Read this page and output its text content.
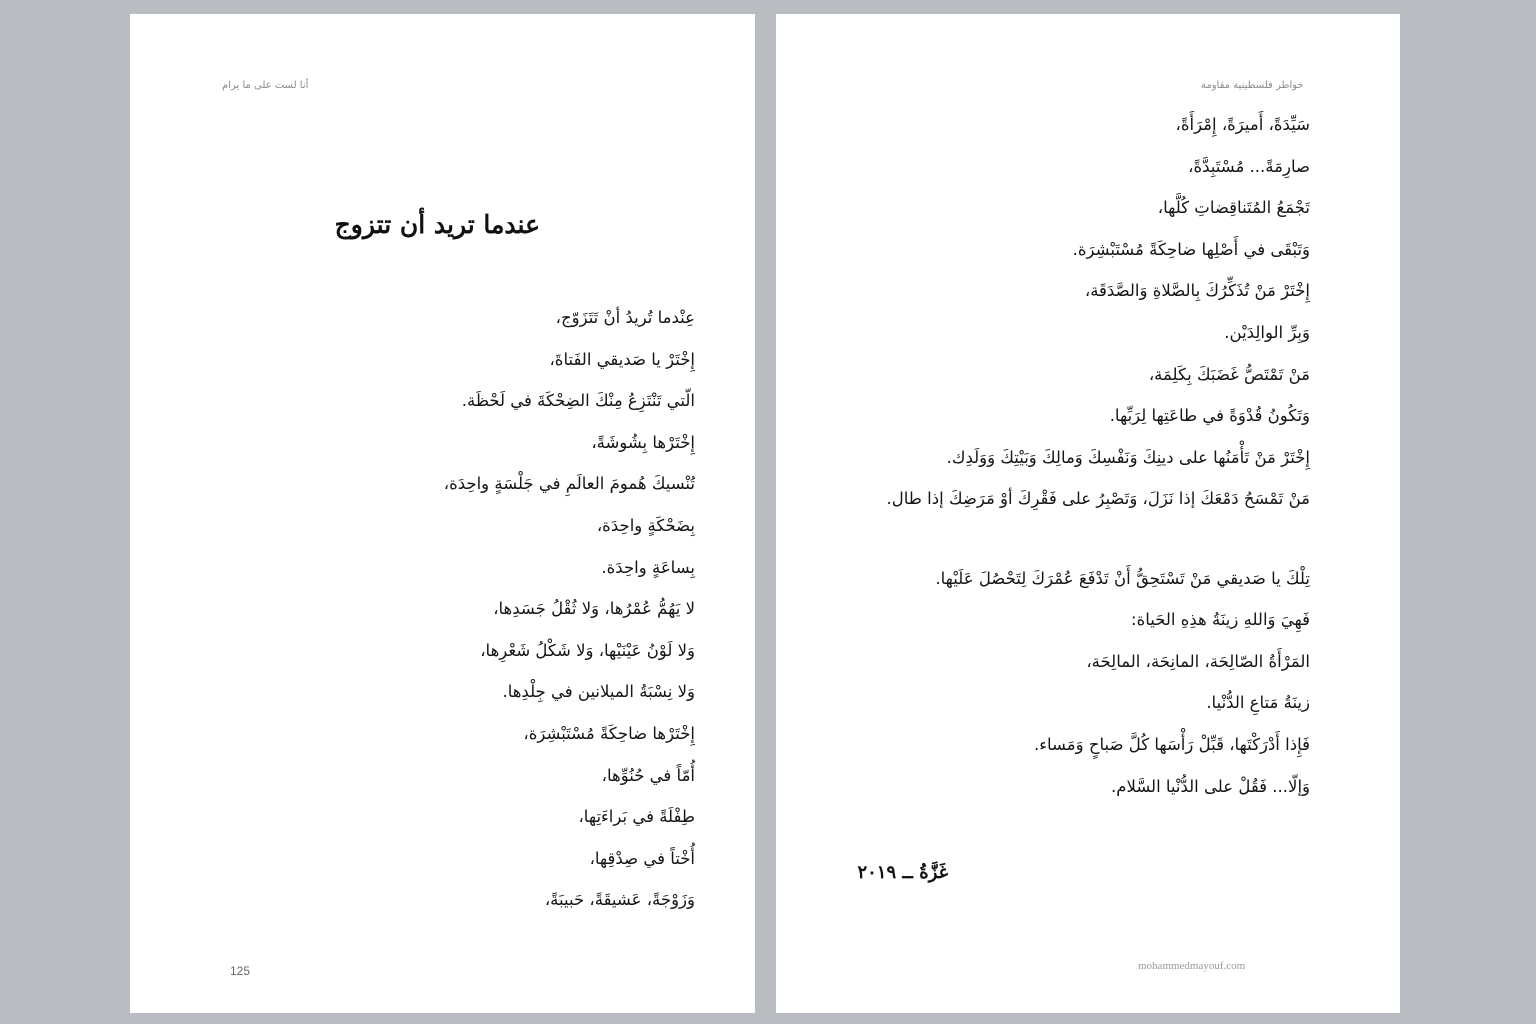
أنا لست على ما يرام
عندما تريد أن تتزوج
عِنْدما تُريدُ أنْ تَتَزَوّج،
إِخْتَرْ يا صَديقي الفَتاةَ،
الّتي تَنْتَزِعُ مِنْكَ الضِحْكَةَ في لَحْظَة.
إِخْتَرْها بِشُوشَةً،
تُنْسيكَ هُمومَ العالَمِ في جَلْسَةٍ واحِدَة،
بِضَحْكَةٍ واحِدَة،
بِساعَةٍ واحِدَة.
لا يَهُمُّ عُمْرُها، وَلا ثُقْلُ جَسَدِها،
وَلا لَوْنُ عَيْنَيْها، وَلا شَكْلُ شَعْرِها،
وَلا نِسْبَةُ الميلانين في جِلْدِها.
إِخْتَرْها ضاحِكَةً مُسْتَبْشِرَة،
أُمّاً في حُنُوِّها،
طِفْلَةً في بَراءَتِها،
أُخْتاً في صِدْقِها،
وَزَوْجَةً، عَشيقَةً، حَبيبَةً،
125
خواطر فلسطينية مقاومة
سَيِّدَةً، أَميرَةً، إِمْرَأَةً،
صارِمَةً... مُسْتَبِدَّةً،
تَجْمَعُ المُتَناقِضاتِ كُلَّها،
وَتَبْقَى في أَصْلِها ضاحِكَةً مُسْتَبْشِرَة.
إِخْتَرْ مَنْ تُذَكِّرُكَ بِالصَّلاةِ وَالصَّدَقَة،
وَبِرِّ الوالِدَيْن.
مَنْ تَمْتَصُّ غَضَبَكَ بِكَلِمَة،
وَتَكُونُ قُدْوَةً في طاعَتِها لِرَبِّها.
إِخْتَرْ مَنْ تَأْمَنُها على دينِكَ وَنَفْسِكَ وَمالِكَ وَبَيْتِكَ وَوَلَدِك.
مَنْ تَمْسَحُ دَمْعَكَ إذا نَزَلَ، وَتَصْبِرُ على فَقْرِكَ أوْ مَرَضِكَ إذا طال.
تِلْكَ يا صَديقي مَنْ تَسْتَحِقُّ أَنْ تَدْفَعَ عُمْرَكَ لِتَحْصُلَ عَلَيْها.
فَهِيَ وَاللهِ زينَةُ هذِهِ الحَياة:
المَرْأَةُ الصّالِحَة، المانِحَة، المالِحَة،
زينَةُ مَتاعِ الدُّنْيا.
فَإِذا أَدْرَكْتَها، قَبِّلْ رَأْسَها كُلَّ صَباحٍ وَمَساء.
وَإلّا... فَقُلْ على الدُّنْيا السَّلام.
غَزَّةُ ــ ٢٠١٩
mohammedmayouf.com
